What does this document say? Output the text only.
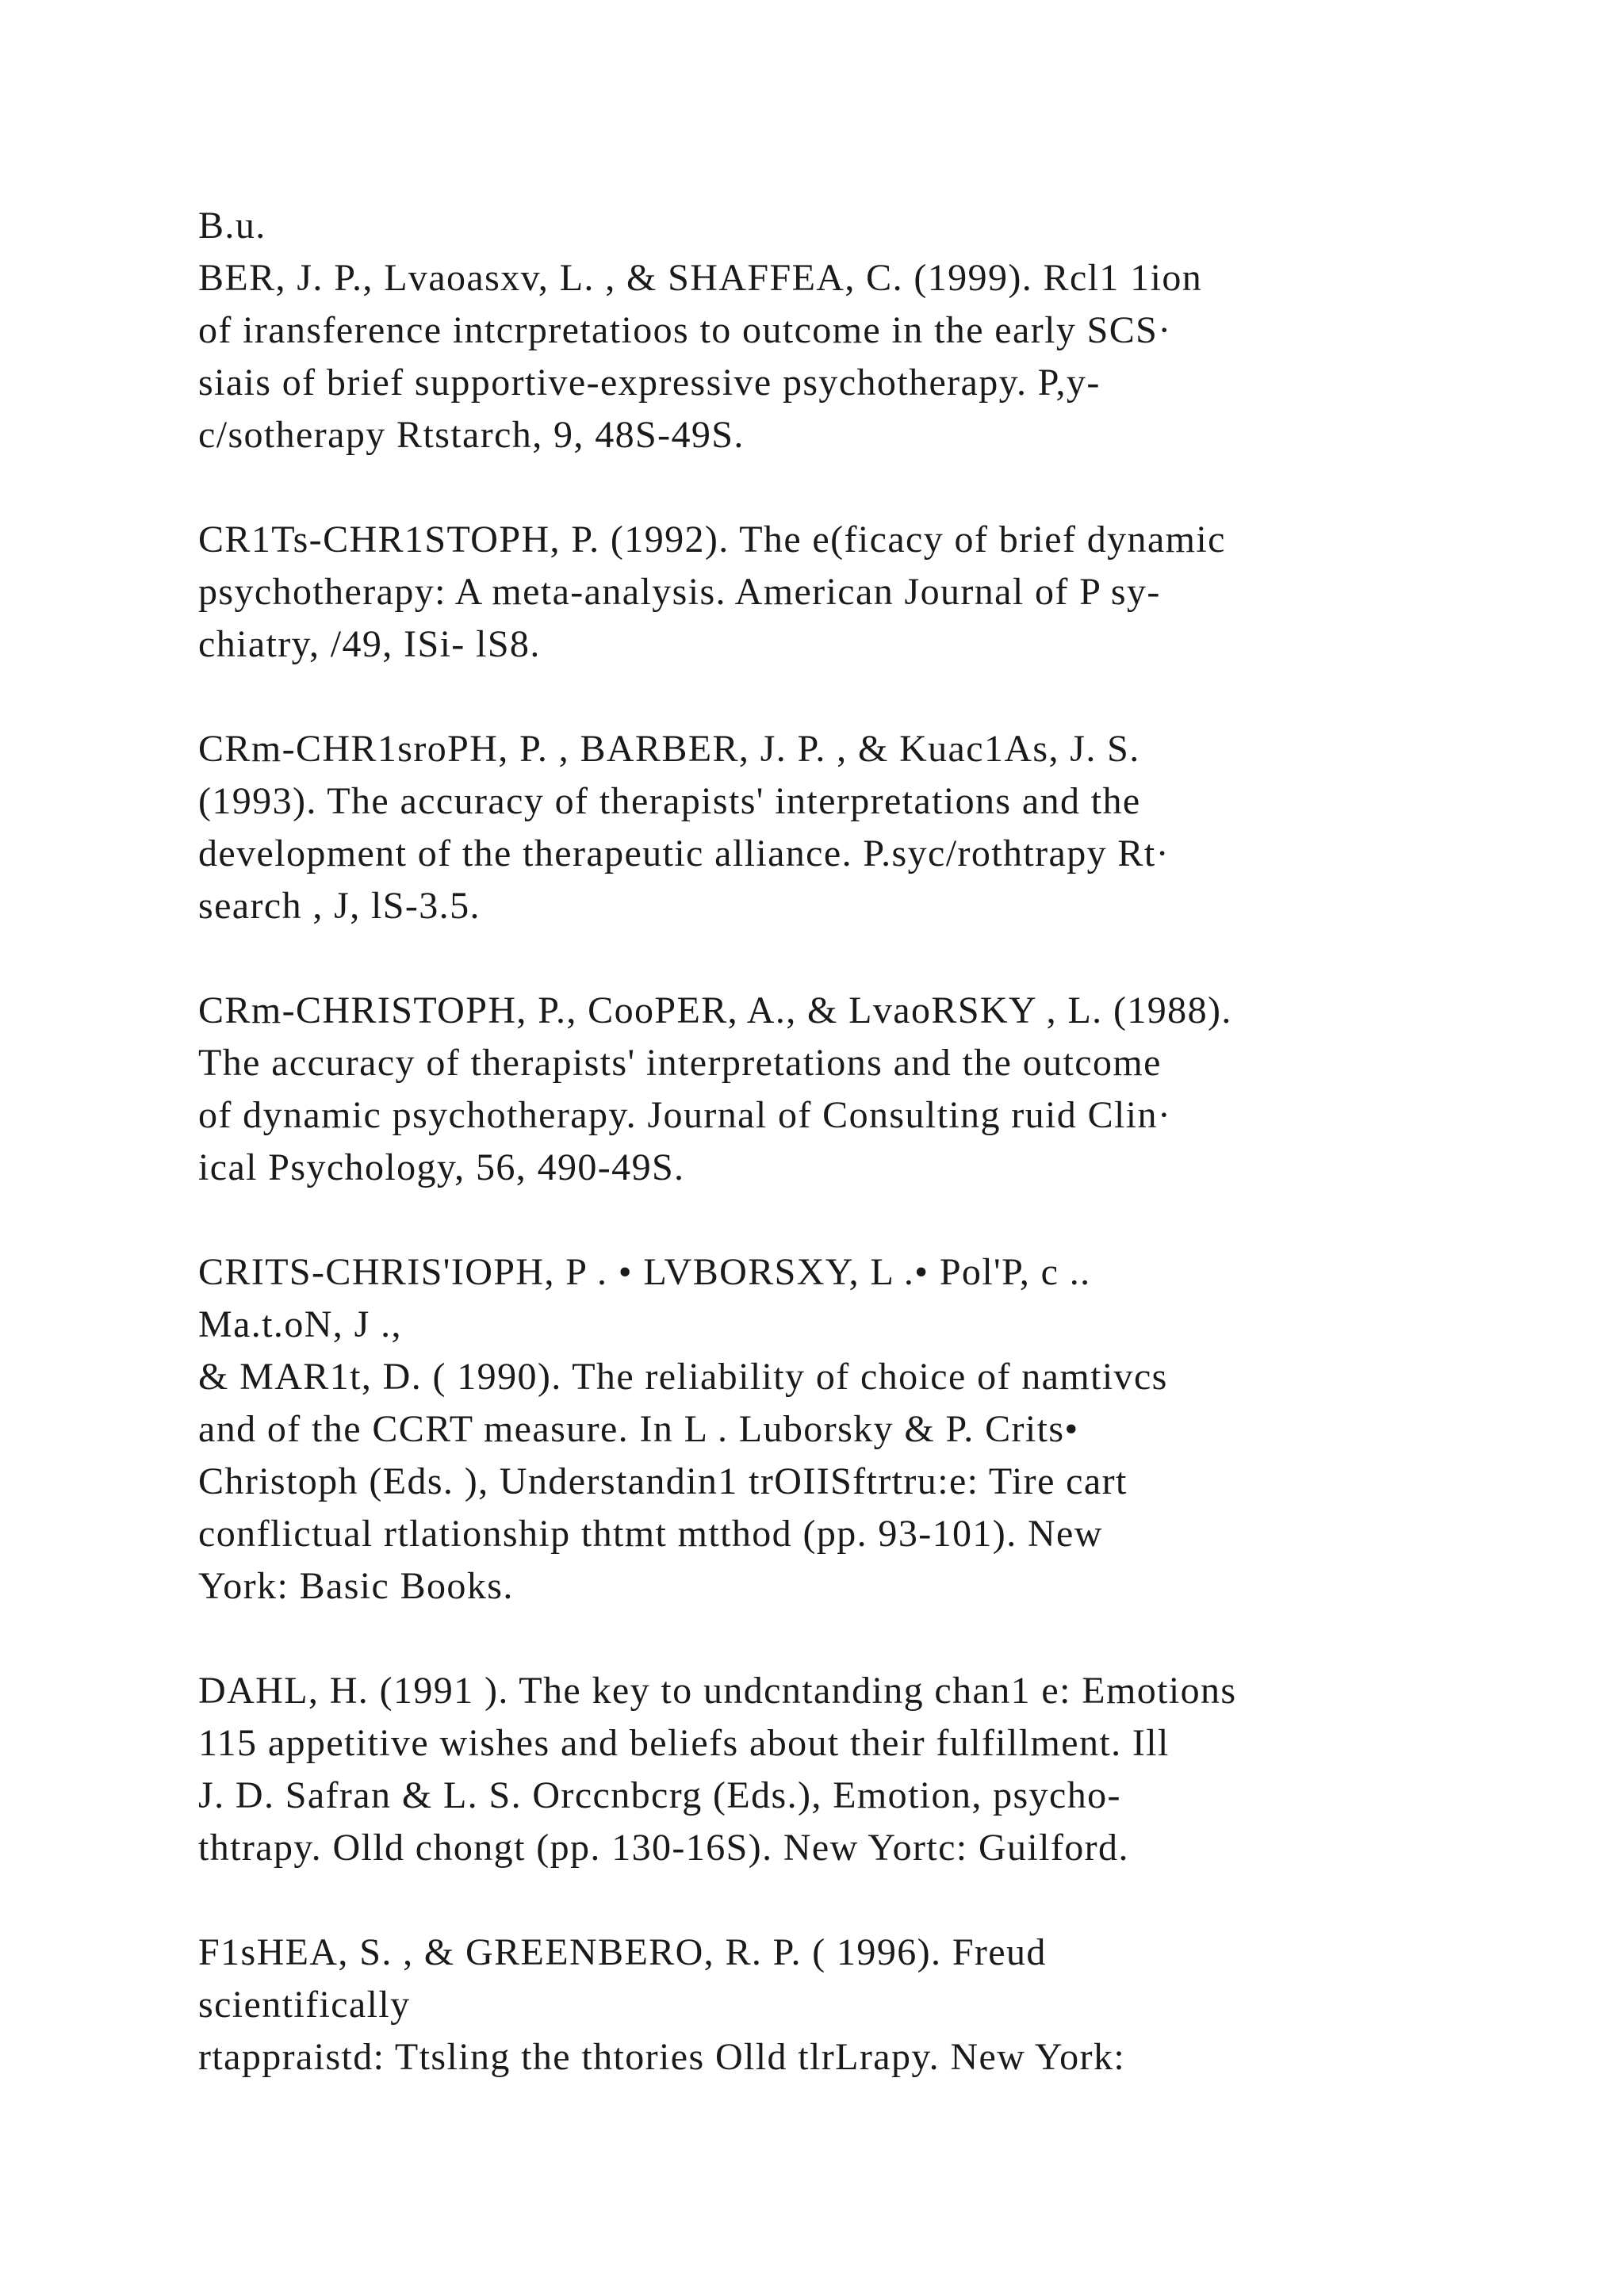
B.u.
BER, J. P., Lvaoasxv, L. , & SHAFFEA, C. (1999). Rcl1 1ion
of iransference intcrpretatioos to outcome in the early SCS·
siais of brief supportive-expressive psychotherapy. P,y-
c/sotherapy Rtstarch, 9, 48S-49S.
CR1Ts-CHR1STOPH, P. (1992). The e(ficacy of brief dynamic
psychotherapy: A meta-analysis. American Journal of P sy-
chiatry, /49, ISi- lS8.
CRm-CHR1sroPH, P. , BARBER, J. P. , & Kuac1As, J. S.
(1993). The accuracy of therapists' interpretations and the
development of the therapeutic alliance. P.syc/rothtrapy Rt·
search , J, lS-3.5.
CRm-CHRISTOPH, P., CooPER, A., & LvaoRSKY , L. (1988).
The accuracy of therapists' interpretations and the outcome
of dynamic psychotherapy. Journal of Consulting ruid Clin·
ical Psychology, 56, 490-49S.
CRITS-CHRIS'IOPH, P . • LVBORSXY, L .• Pol'P, c ..
Ma.t.oN, J .,
& MAR1t, D. ( 1990). The reliability of choice of namtivcs
and of the CCRT measure. In L . Luborsky & P. Crits•
Christoph (Eds. ), Understandin1 trOIISftrtru:e: Tire cart
conflictual rtlationship thtmt mtthod (pp. 93-101). New
York: Basic Books.
DAHL, H. (1991 ). The key to undcntanding chan1 e: Emotions
115 appetitive wishes and beliefs about their fulfillment. Ill
J. D. Safran & L. S. Orccnbcrg (Eds.), Emotion, psycho-
thtrapy. Olld chongt (pp. 130-16S). New Yortc: Guilford.
F1sHEA, S. , & GREENBERO, R. P. ( 1996). Freud
scientifically
rtappraistd: Ttsling the thtories Olld tlrLrapy. New York:
